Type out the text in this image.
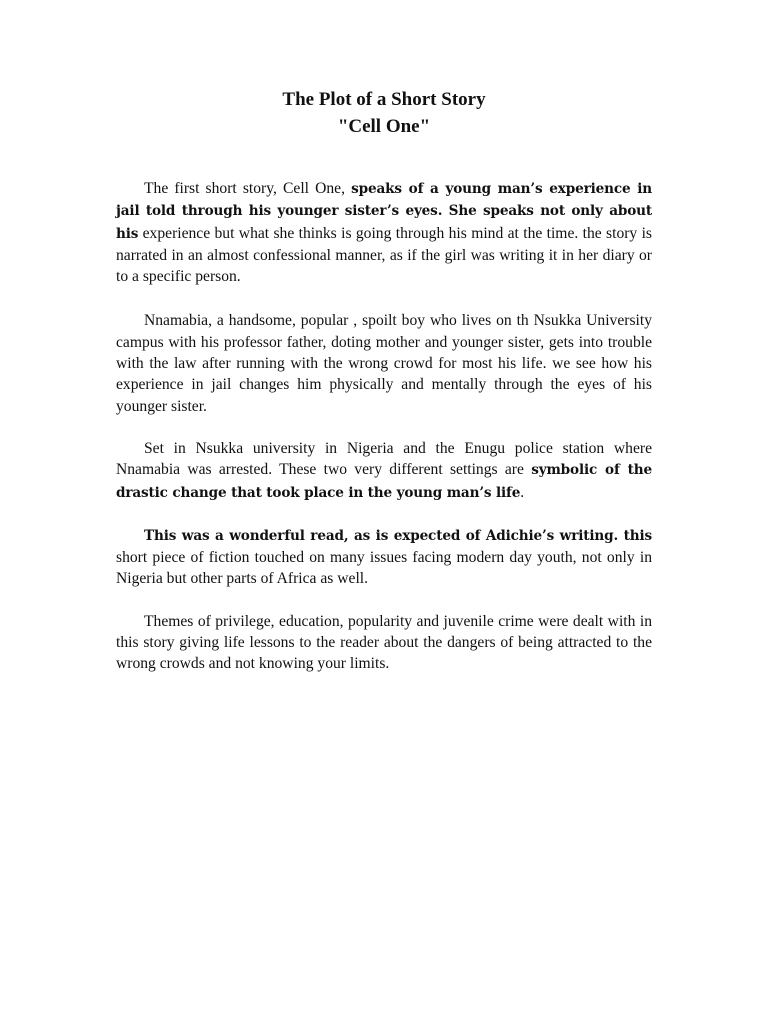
The Plot of a Short Story
"Cell One"

The first short story, Cell One, speaks of a young man’s experience in jail told through his younger sister’s eyes. She speaks not only about his experience but what she thinks is going through his mind at the time. the story is narrated in an almost confessional manner, as if the girl was writing it in her diary or to a specific person.

Nnamabia, a handsome, popular , spoilt boy who lives on th Nsukka University campus with his professor father, doting mother and younger sister, gets into trouble with the law after running with the wrong crowd for most his life. we see how his experience in jail changes him physically and mentally through the eyes of his younger sister.

Set in Nsukka university in Nigeria and the Enugu police station where Nnamabia was arrested. These two very different settings are symbolic of the drastic change that took place in the young man’s life.

This was a wonderful read, as is expected of Adichie’s writing. this short piece of fiction touched on many issues facing modern day youth, not only in Nigeria but other parts of Africa as well.

Themes of privilege, education, popularity and juvenile crime were dealt with in this story giving life lessons to the reader about the dangers of being attracted to the wrong crowds and not knowing your limits.
